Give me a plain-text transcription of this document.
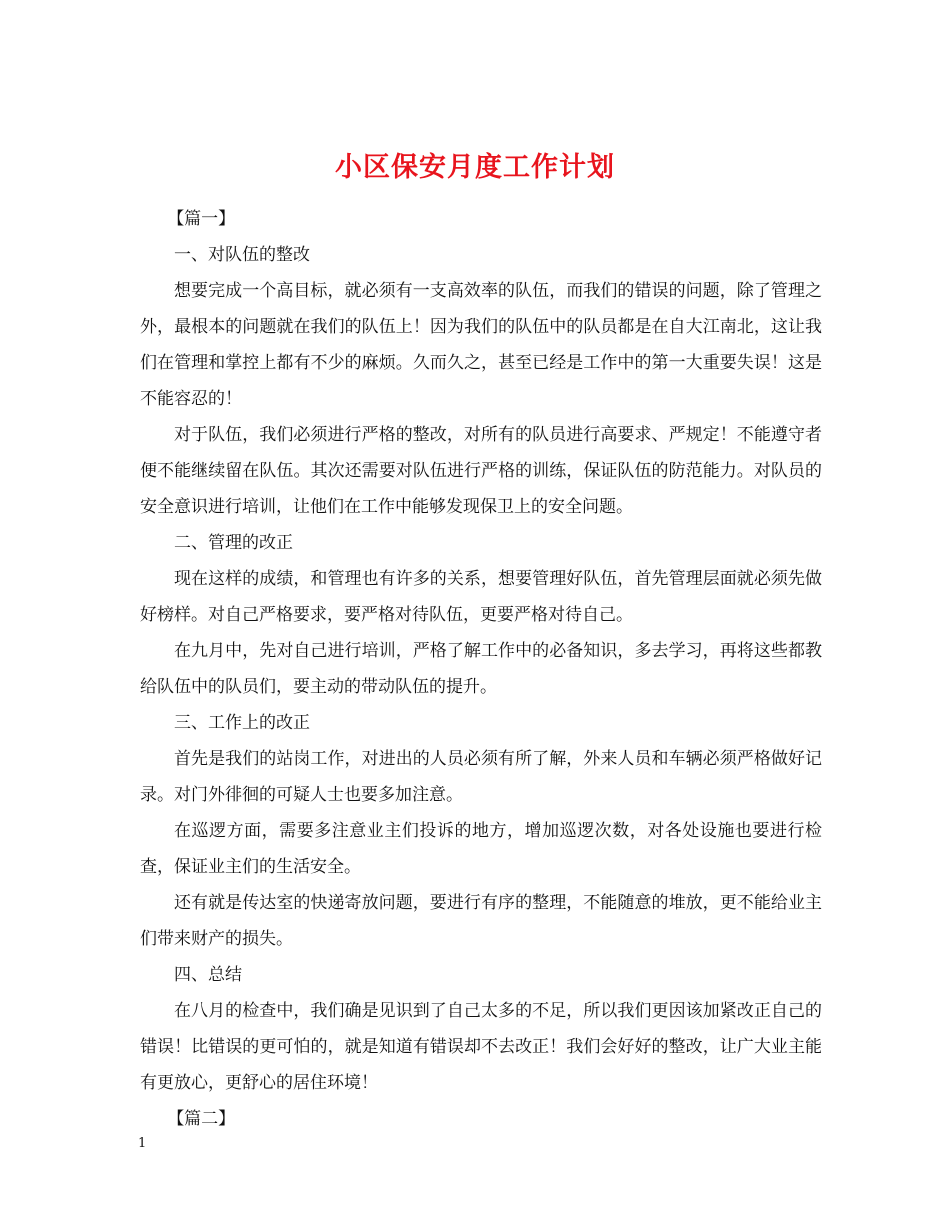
小区保安月度工作计划

【篇一】

一、对队伍的整改

想要完成一个高目标，就必须有一支高效率的队伍，而我们的错误的问题，除了管理之外，最根本的问题就在我们的队伍上！因为我们的队伍中的队员都是在自大江南北，这让我们在管理和掌控上都有不少的麻烦。久而久之，甚至已经是工作中的第一大重要失误！这是不能容忍的！

对于队伍，我们必须进行严格的整改，对所有的队员进行高要求、严规定！不能遵守者便不能继续留在队伍。其次还需要对队伍进行严格的训练，保证队伍的防范能力。对队员的安全意识进行培训，让他们在工作中能够发现保卫上的安全问题。

二、管理的改正

现在这样的成绩，和管理也有许多的关系，想要管理好队伍，首先管理层面就必须先做好榜样。对自己严格要求，要严格对待队伍，更要严格对待自己。

在九月中，先对自己进行培训，严格了解工作中的必备知识，多去学习，再将这些都教给队伍中的队员们，要主动的带动队伍的提升。

三、工作上的改正

首先是我们的站岗工作，对进出的人员必须有所了解，外来人员和车辆必须严格做好记录。对门外徘徊的可疑人士也要多加注意。

在巡逻方面，需要多注意业主们投诉的地方，增加巡逻次数，对各处设施也要进行检查，保证业主们的生活安全。

还有就是传达室的快递寄放问题，要进行有序的整理，不能随意的堆放，更不能给业主们带来财产的损失。

四、总结

在八月的检查中，我们确是见识到了自己太多的不足，所以我们更因该加紧改正自己的错误！比错误的更可怕的，就是知道有错误却不去改正！我们会好好的整改，让广大业主能有更放心，更舒心的居住环境！

【篇二】

1
